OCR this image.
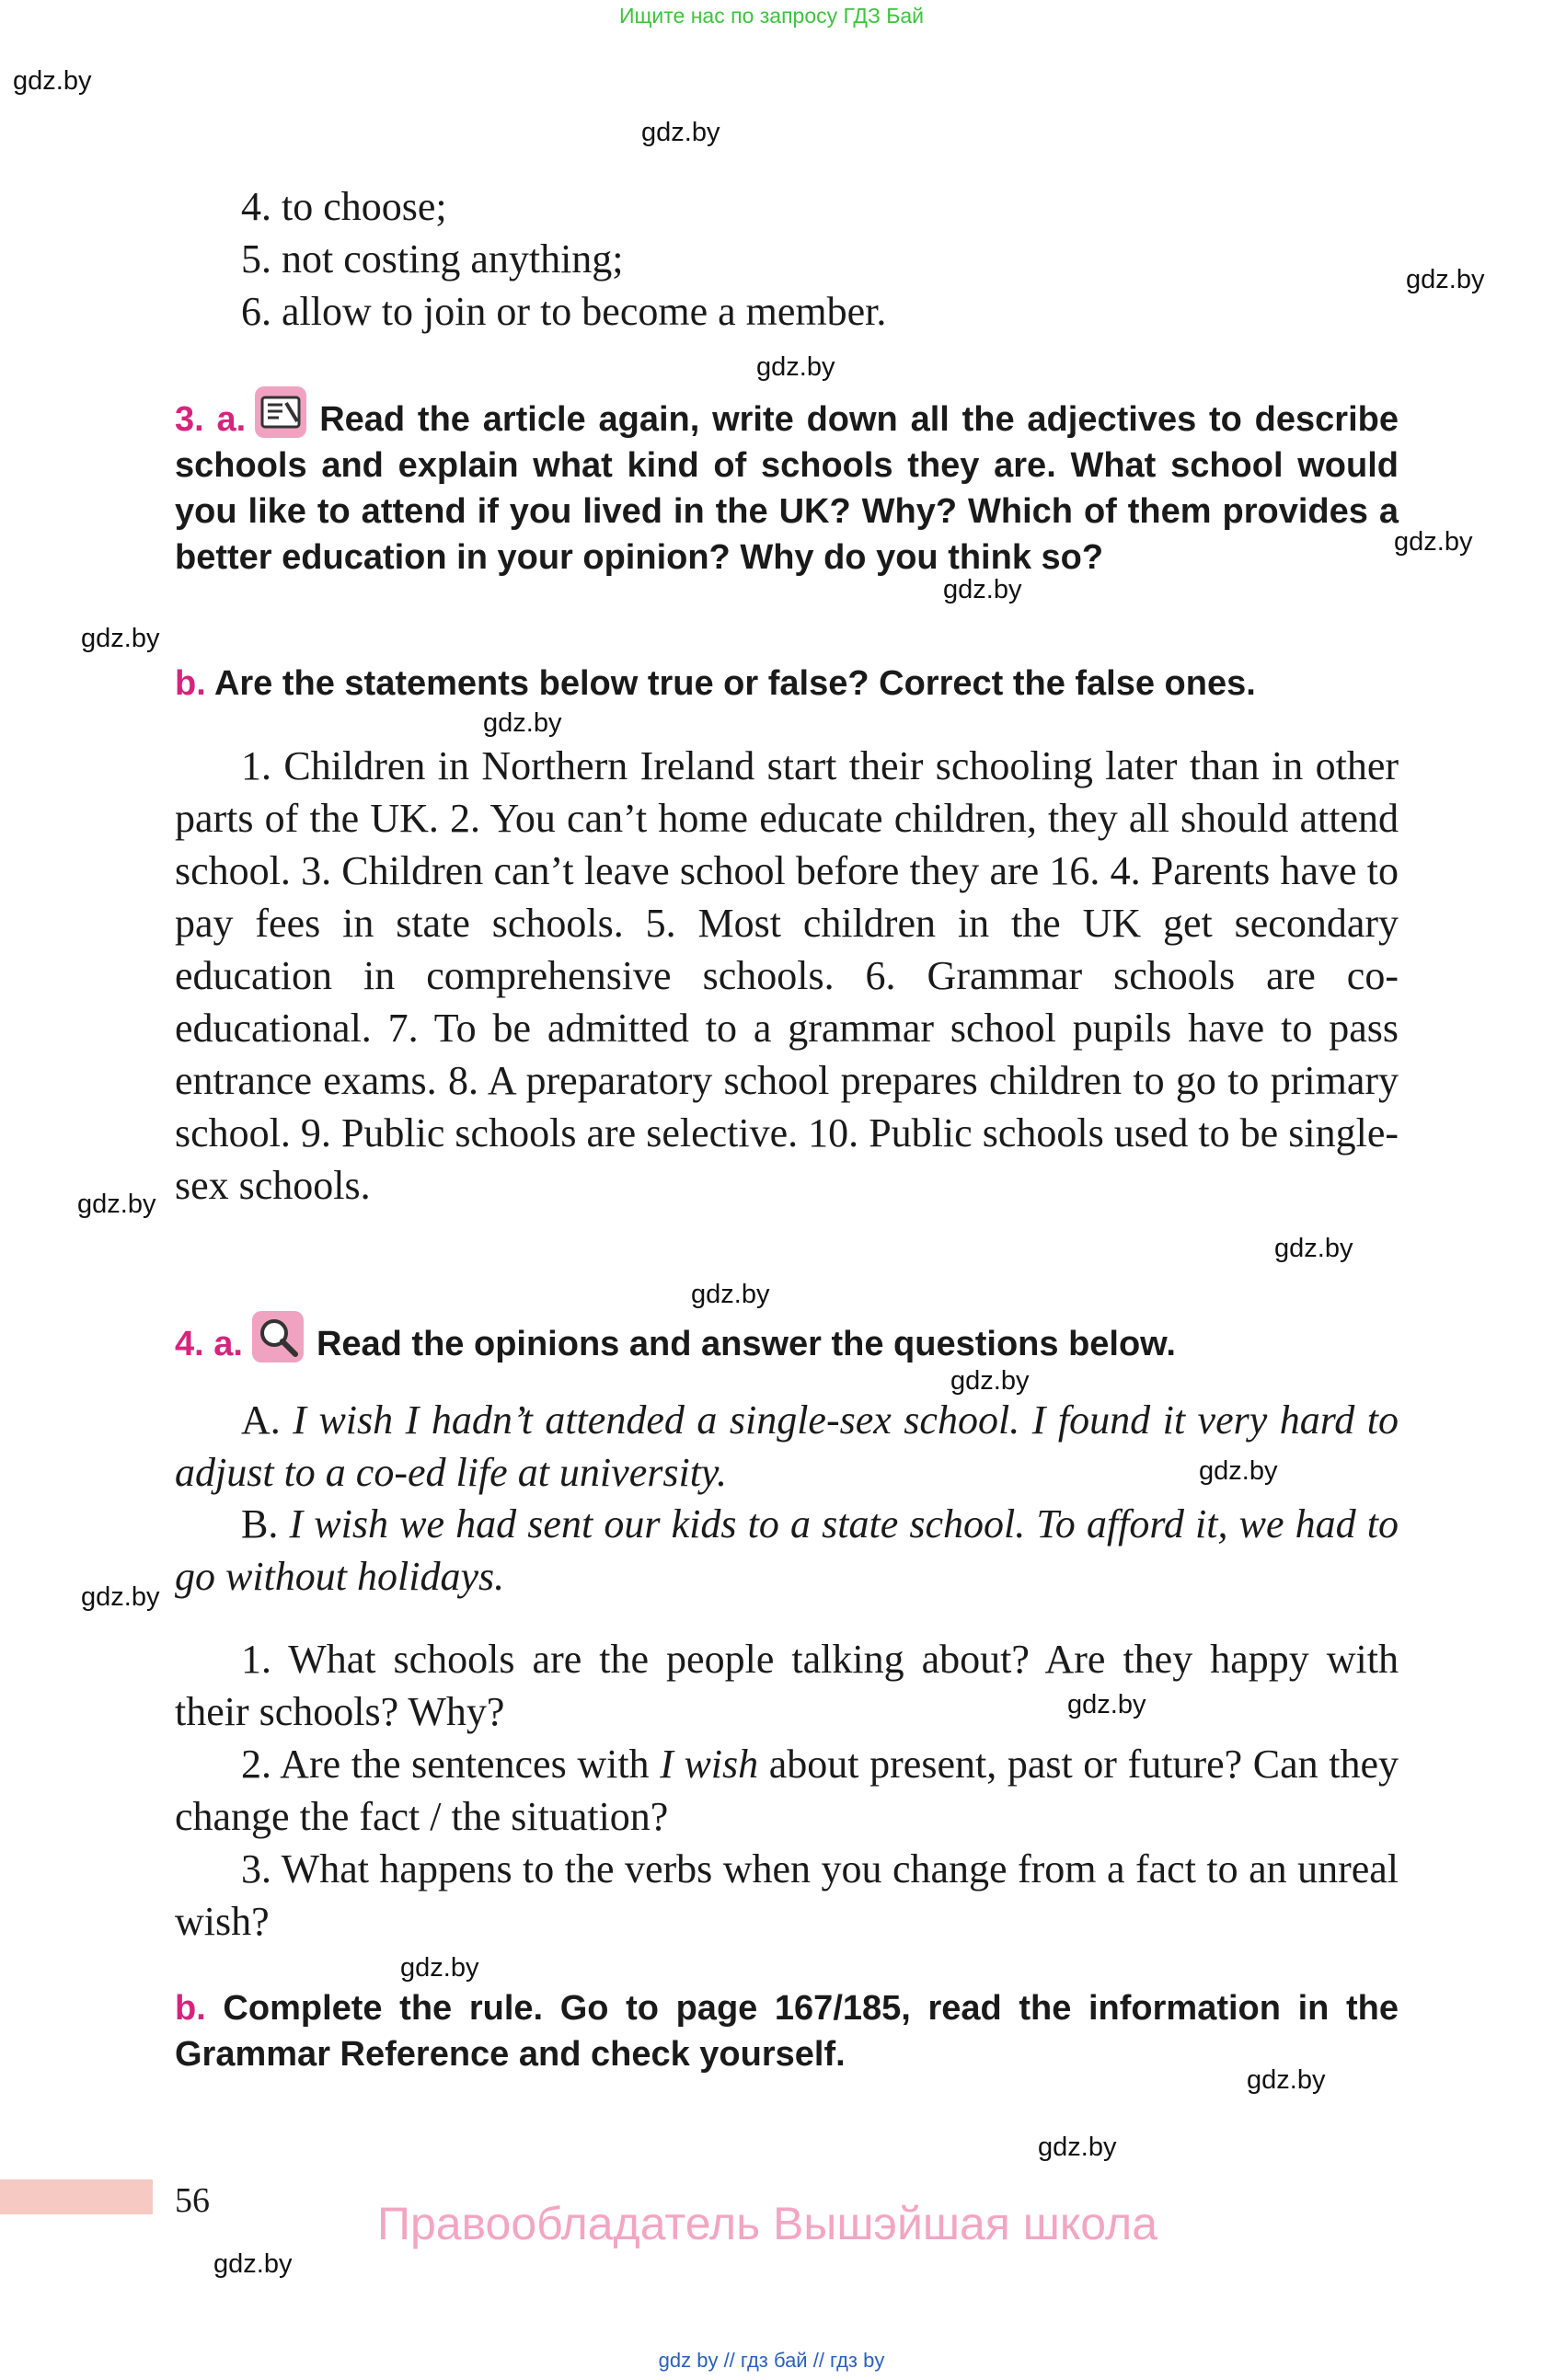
Ищите нас по запросу ГДЗ Бай
gdz.by
gdz.by
gdz.by
gdz.by
gdz.by
gdz.by
gdz.by
gdz.by
gdz.by
gdz.by
gdz.by
gdz.by
gdz.by
gdz.by
gdz.by
gdz.by
gdz.by
gdz.by
gdz.by
4. to choose;
5. not costing anything;
6. allow to join or to become a member.
3. a. Read the article again, write down all the adjectives to describe schools and explain what kind of schools they are. What school would you like to attend if you lived in the UK? Why? Which of them provides a better education in your opinion? Why do you think so?
b. Are the statements below true or false? Correct the false ones.
1. Children in Northern Ireland start their schooling later than in other parts of the UK. 2. You can’t home educate children, they all should attend school. 3. Children can’t leave school before they are 16. 4. Parents have to pay fees in state schools. 5. Most children in the UK get secondary education in comprehensive schools. 6. Grammar schools are co-educational. 7. To be admitted to a grammar school pupils have to pass entrance exams. 8. A preparatory school prepares children to go to primary school. 9. Public schools are selective. 10. Public schools used to be single-sex schools.
4. a. Read the opinions and answer the questions below.
A. I wish I hadn’t attended a single-sex school. I found it very hard to adjust to a co-ed life at university.
B. I wish we had sent our kids to a state school. To afford it, we had to go without holidays.
1. What schools are the people talking about? Are they happy with their schools? Why?
2. Are the sentences with I wish about present, past or future? Can they change the fact / the situation?
3. What happens to the verbs when you change from a fact to an unreal wish?
b. Complete the rule. Go to page 167/185, read the information in the Grammar Reference and check yourself.
56	Правообладатель Вышэйшая школа
gdz by // гдз бай // гдз by
